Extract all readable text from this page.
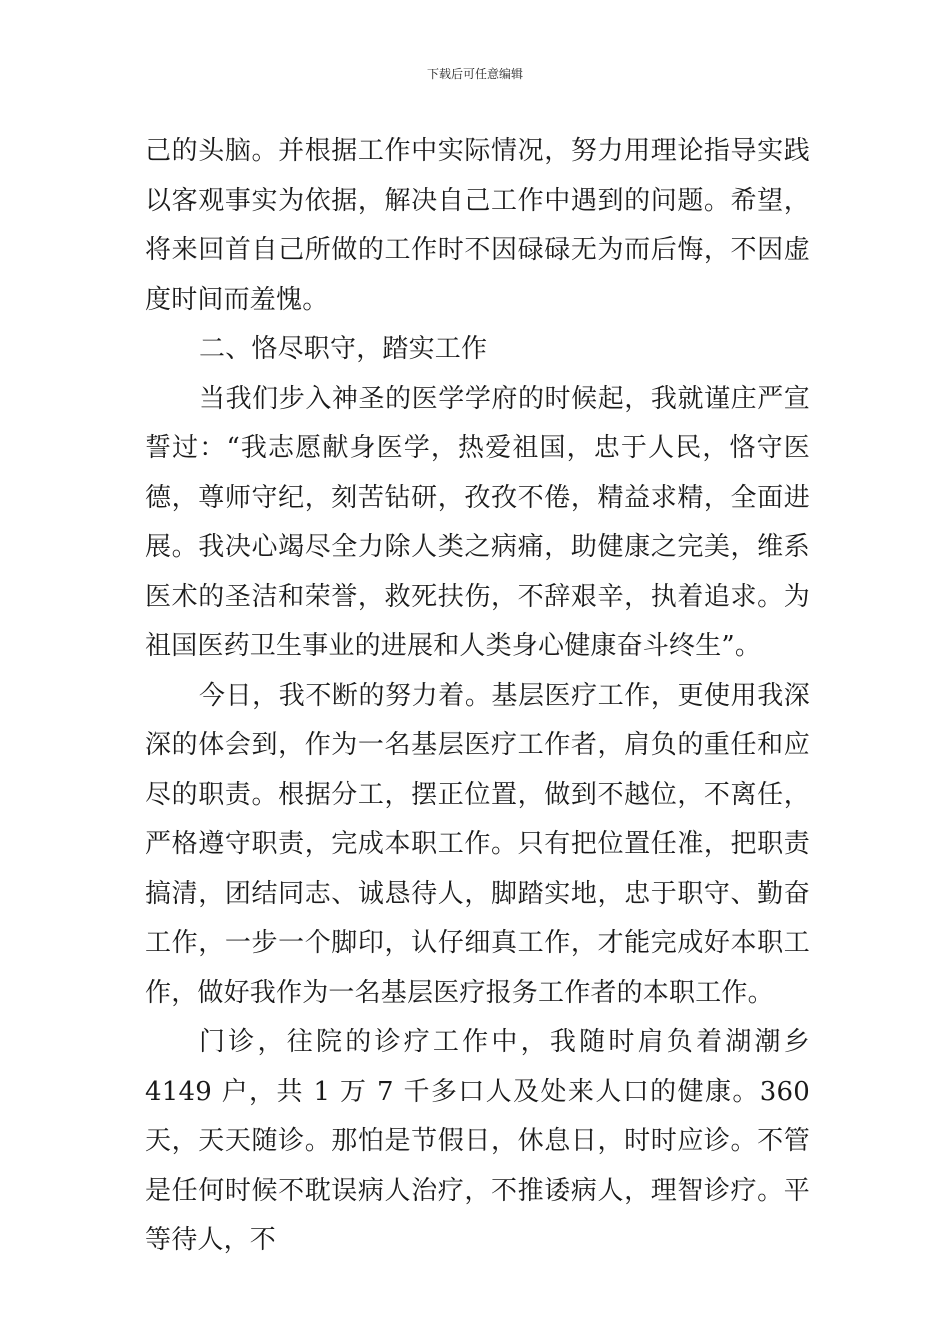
下载后可任意编辑

己的头脑。并根据工作中实际情况，努力用理论指导实践以客观事实为依据，解决自己工作中遇到的问题。希望，将来回首自己所做的工作时不因碌碌无为而后悔，不因虚度时间而羞愧。

二、恪尽职守，踏实工作

当我们步入神圣的医学学府的时候起，我就谨庄严宣誓过：“我志愿献身医学，热爱祖国，忠于人民，恪守医德，尊师守纪，刻苦钻研，孜孜不倦，精益求精，全面进展。我决心竭尽全力除人类之病痛，助健康之完美，维系医术的圣洁和荣誉，救死扶伤，不辞艰辛，执着追求。为祖国医药卫生事业的进展和人类身心健康奋斗终生”。

今日，我不断的努力着。基层医疗工作，更使用我深深的体会到，作为一名基层医疗工作者，肩负的重任和应尽的职责。根据分工，摆正位置，做到不越位，不离任，严格遵守职责，完成本职工作。只有把位置任准，把职责搞清，团结同志、诚恳待人，脚踏实地，忠于职守、勤奋工作，一步一个脚印，认仔细真工作，才能完成好本职工作，做好我作为一名基层医疗报务工作者的本职工作。

门诊，往院的诊疗工作中，我随时肩负着湖潮乡 4149 户，共 1 万 7 千多口人及处来人口的健康。360 天，天天随诊。那怕是节假日，休息日，时时应诊。不管是任何时候不耽误病人治疗，不推诿病人，理智诊疗。平等待人，不
